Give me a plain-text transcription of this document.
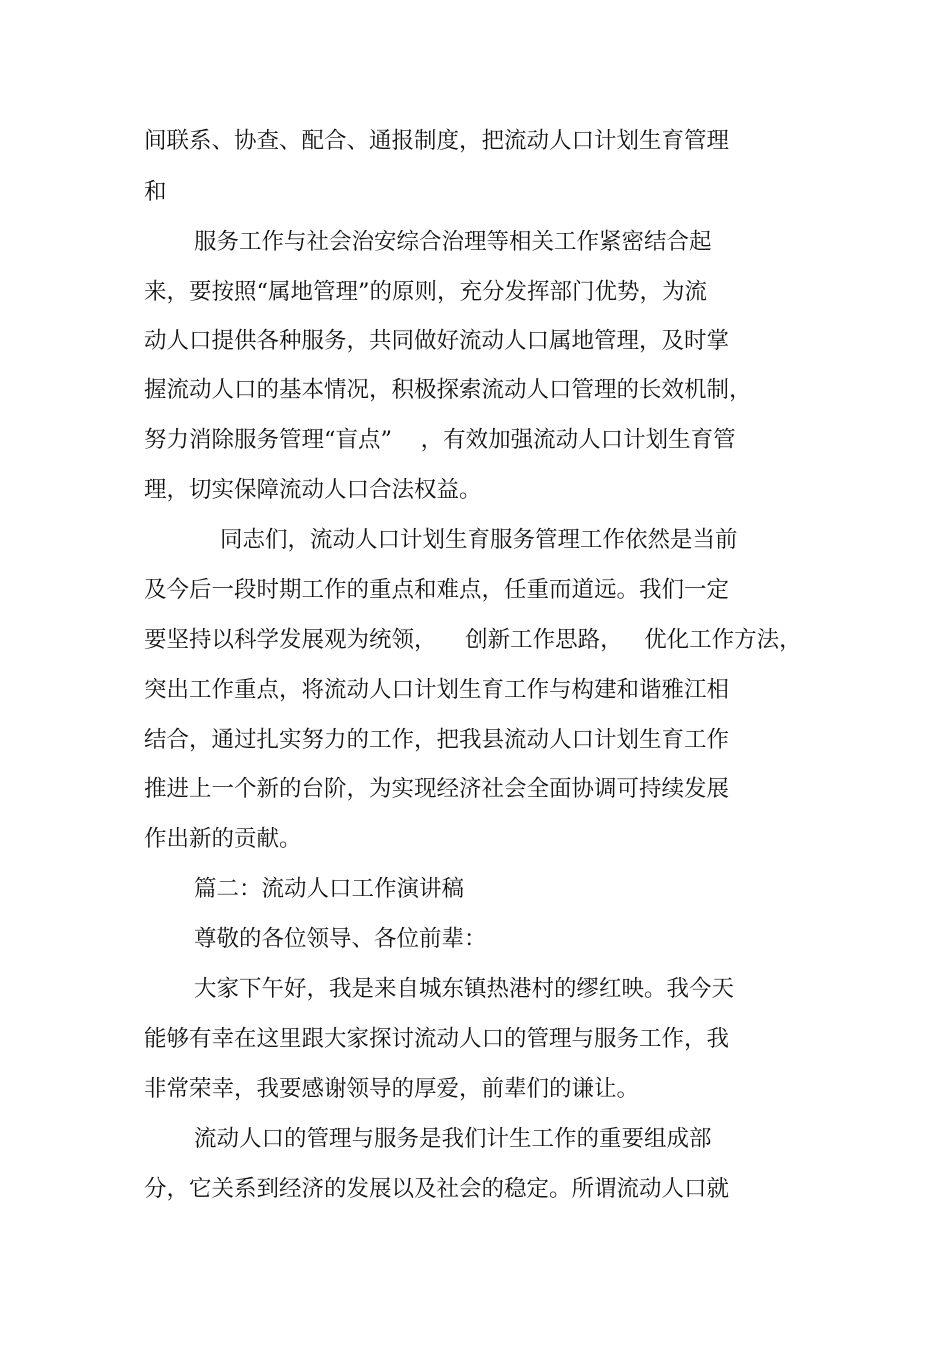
间联系、协查、配合、通报制度，把流动人口计划生育管理
和
服务工作与社会治安综合治理等相关工作紧密结合起
来，要按照“属地管理”的原则，充分发挥部门优势，为流
动人口提供各种服务，共同做好流动人口属地管理，及时掌
握流动人口的基本情况，积极探索流动人口管理的长效机制，
努力消除服务管理“盲点”    ，有效加强流动人口计划生育管
理，切实保障流动人口合法权益。
同志们，流动人口计划生育服务管理工作依然是当前
及今后一段时期工作的重点和难点，任重而道远。我们一定
要坚持以科学发展观为统领，    创新工作思路，   优化工作方法，
突出工作重点，将流动人口计划生育工作与构建和谐雅江相
结合，通过扎实努力的工作，把我县流动人口计划生育工作
推进上一个新的台阶，为实现经济社会全面协调可持续发展
作出新的贡献。
篇二：流动人口工作演讲稿
尊敬的各位领导、各位前辈：
大家下午好，我是来自城东镇热港村的缪红映。我今天
能够有幸在这里跟大家探讨流动人口的管理与服务工作，我
非常荣幸，我要感谢领导的厚爱，前辈们的谦让。
流动人口的管理与服务是我们计生工作的重要组成部
分，它关系到经济的发展以及社会的稳定。所谓流动人口就
